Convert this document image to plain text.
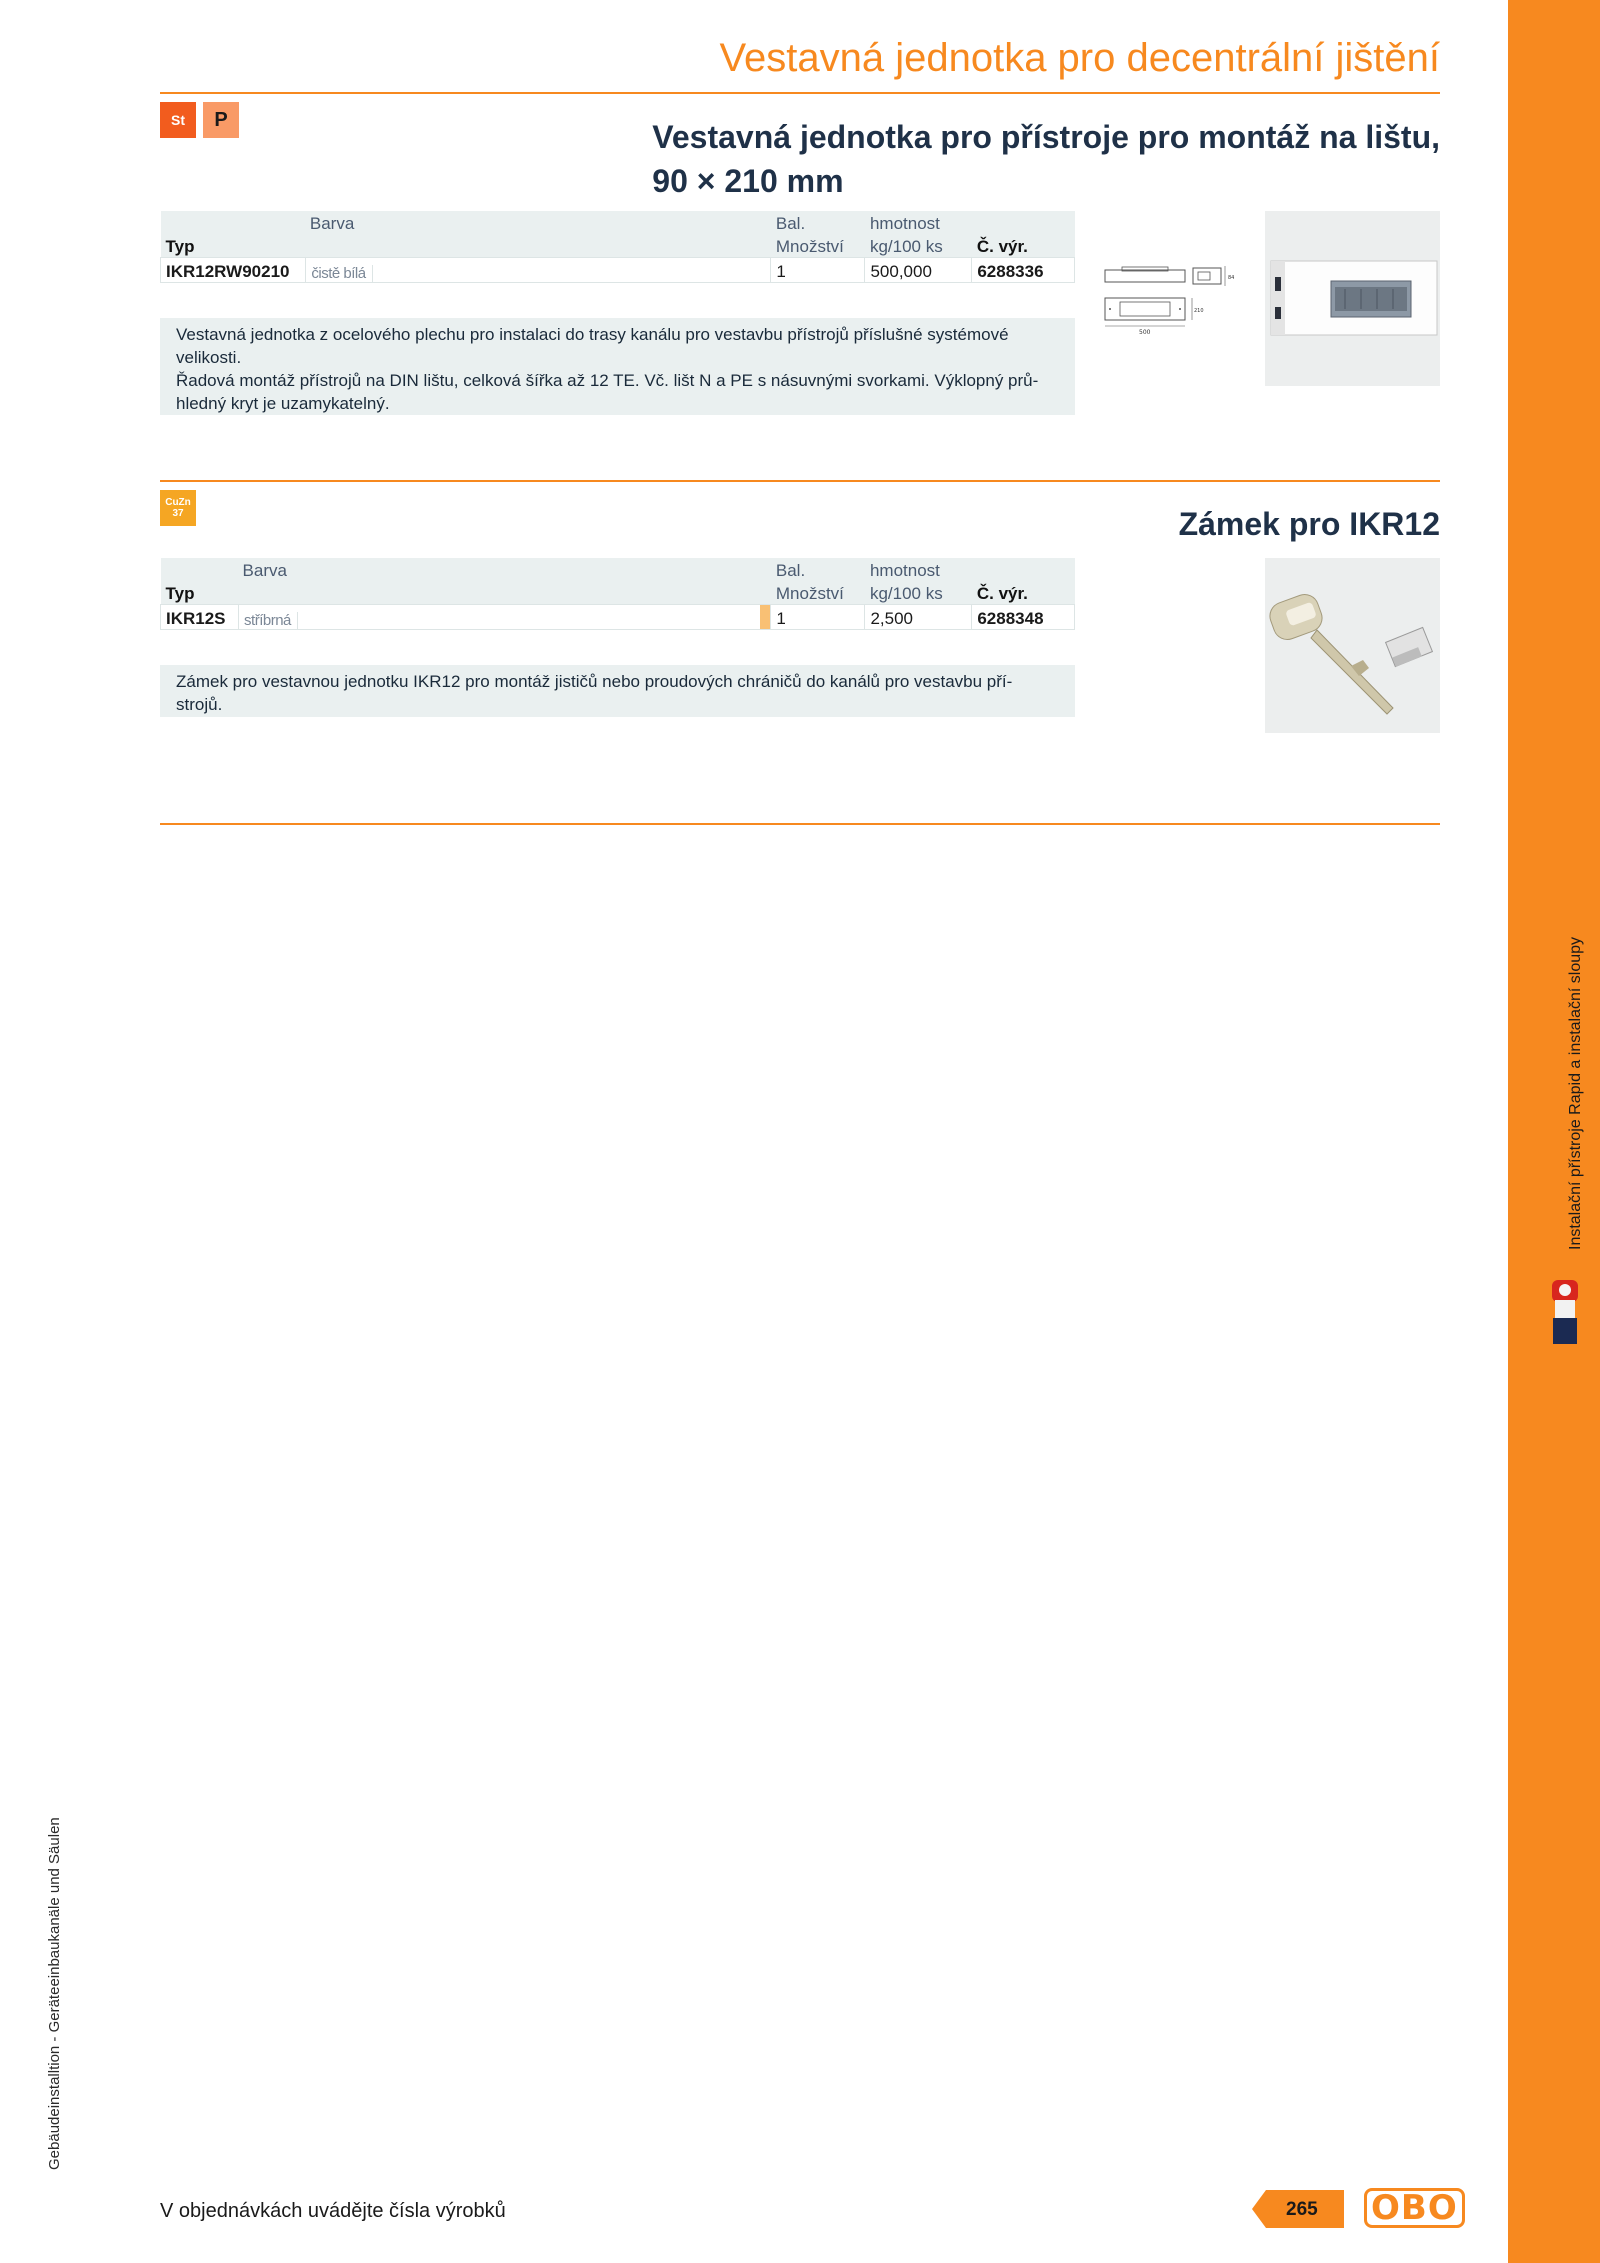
Instalační přístroje Rapid a instalační sloupy
Gebäudeinstalltion - Geräteeinbaukanäle und Säulen
Vestavná jednotka pro decentrální jištění
St	P	Vestavná jednotka pro přístroje pro montáž na lištu,
90 × 210 mm
	Barva	Bal.	hmotnost	
Typ		Množství	kg/100 ks	Č. výr.
IKR12RW90210	čistě bílá	1	500,000	6288336
Vestavná jednotka z ocelového plechu pro instalaci do trasy kanálu pro vestavbu přístrojů příslušné systémové
velikosti.
Řadová montáž přístrojů na DIN lištu, celková šířka až 12 TE. Vč. lišt N a PE s násuvnými svorkami. Výklopný prů-
hledný kryt je uzamykatelný.
84
210
500
CuZn
37	Zámek pro IKR12
	Barva	Bal.	hmotnost	
Typ		Množství	kg/100 ks	Č. výr.
IKR12S	stříbrná	1	2,500	6288348
Zámek pro vestavnou jednotku IKR12 pro montáž jističů nebo proudových chráničů do kanálů pro vestavbu pří-
strojů.
V objednávkách uvádějte čísla výrobků	265 OBO
